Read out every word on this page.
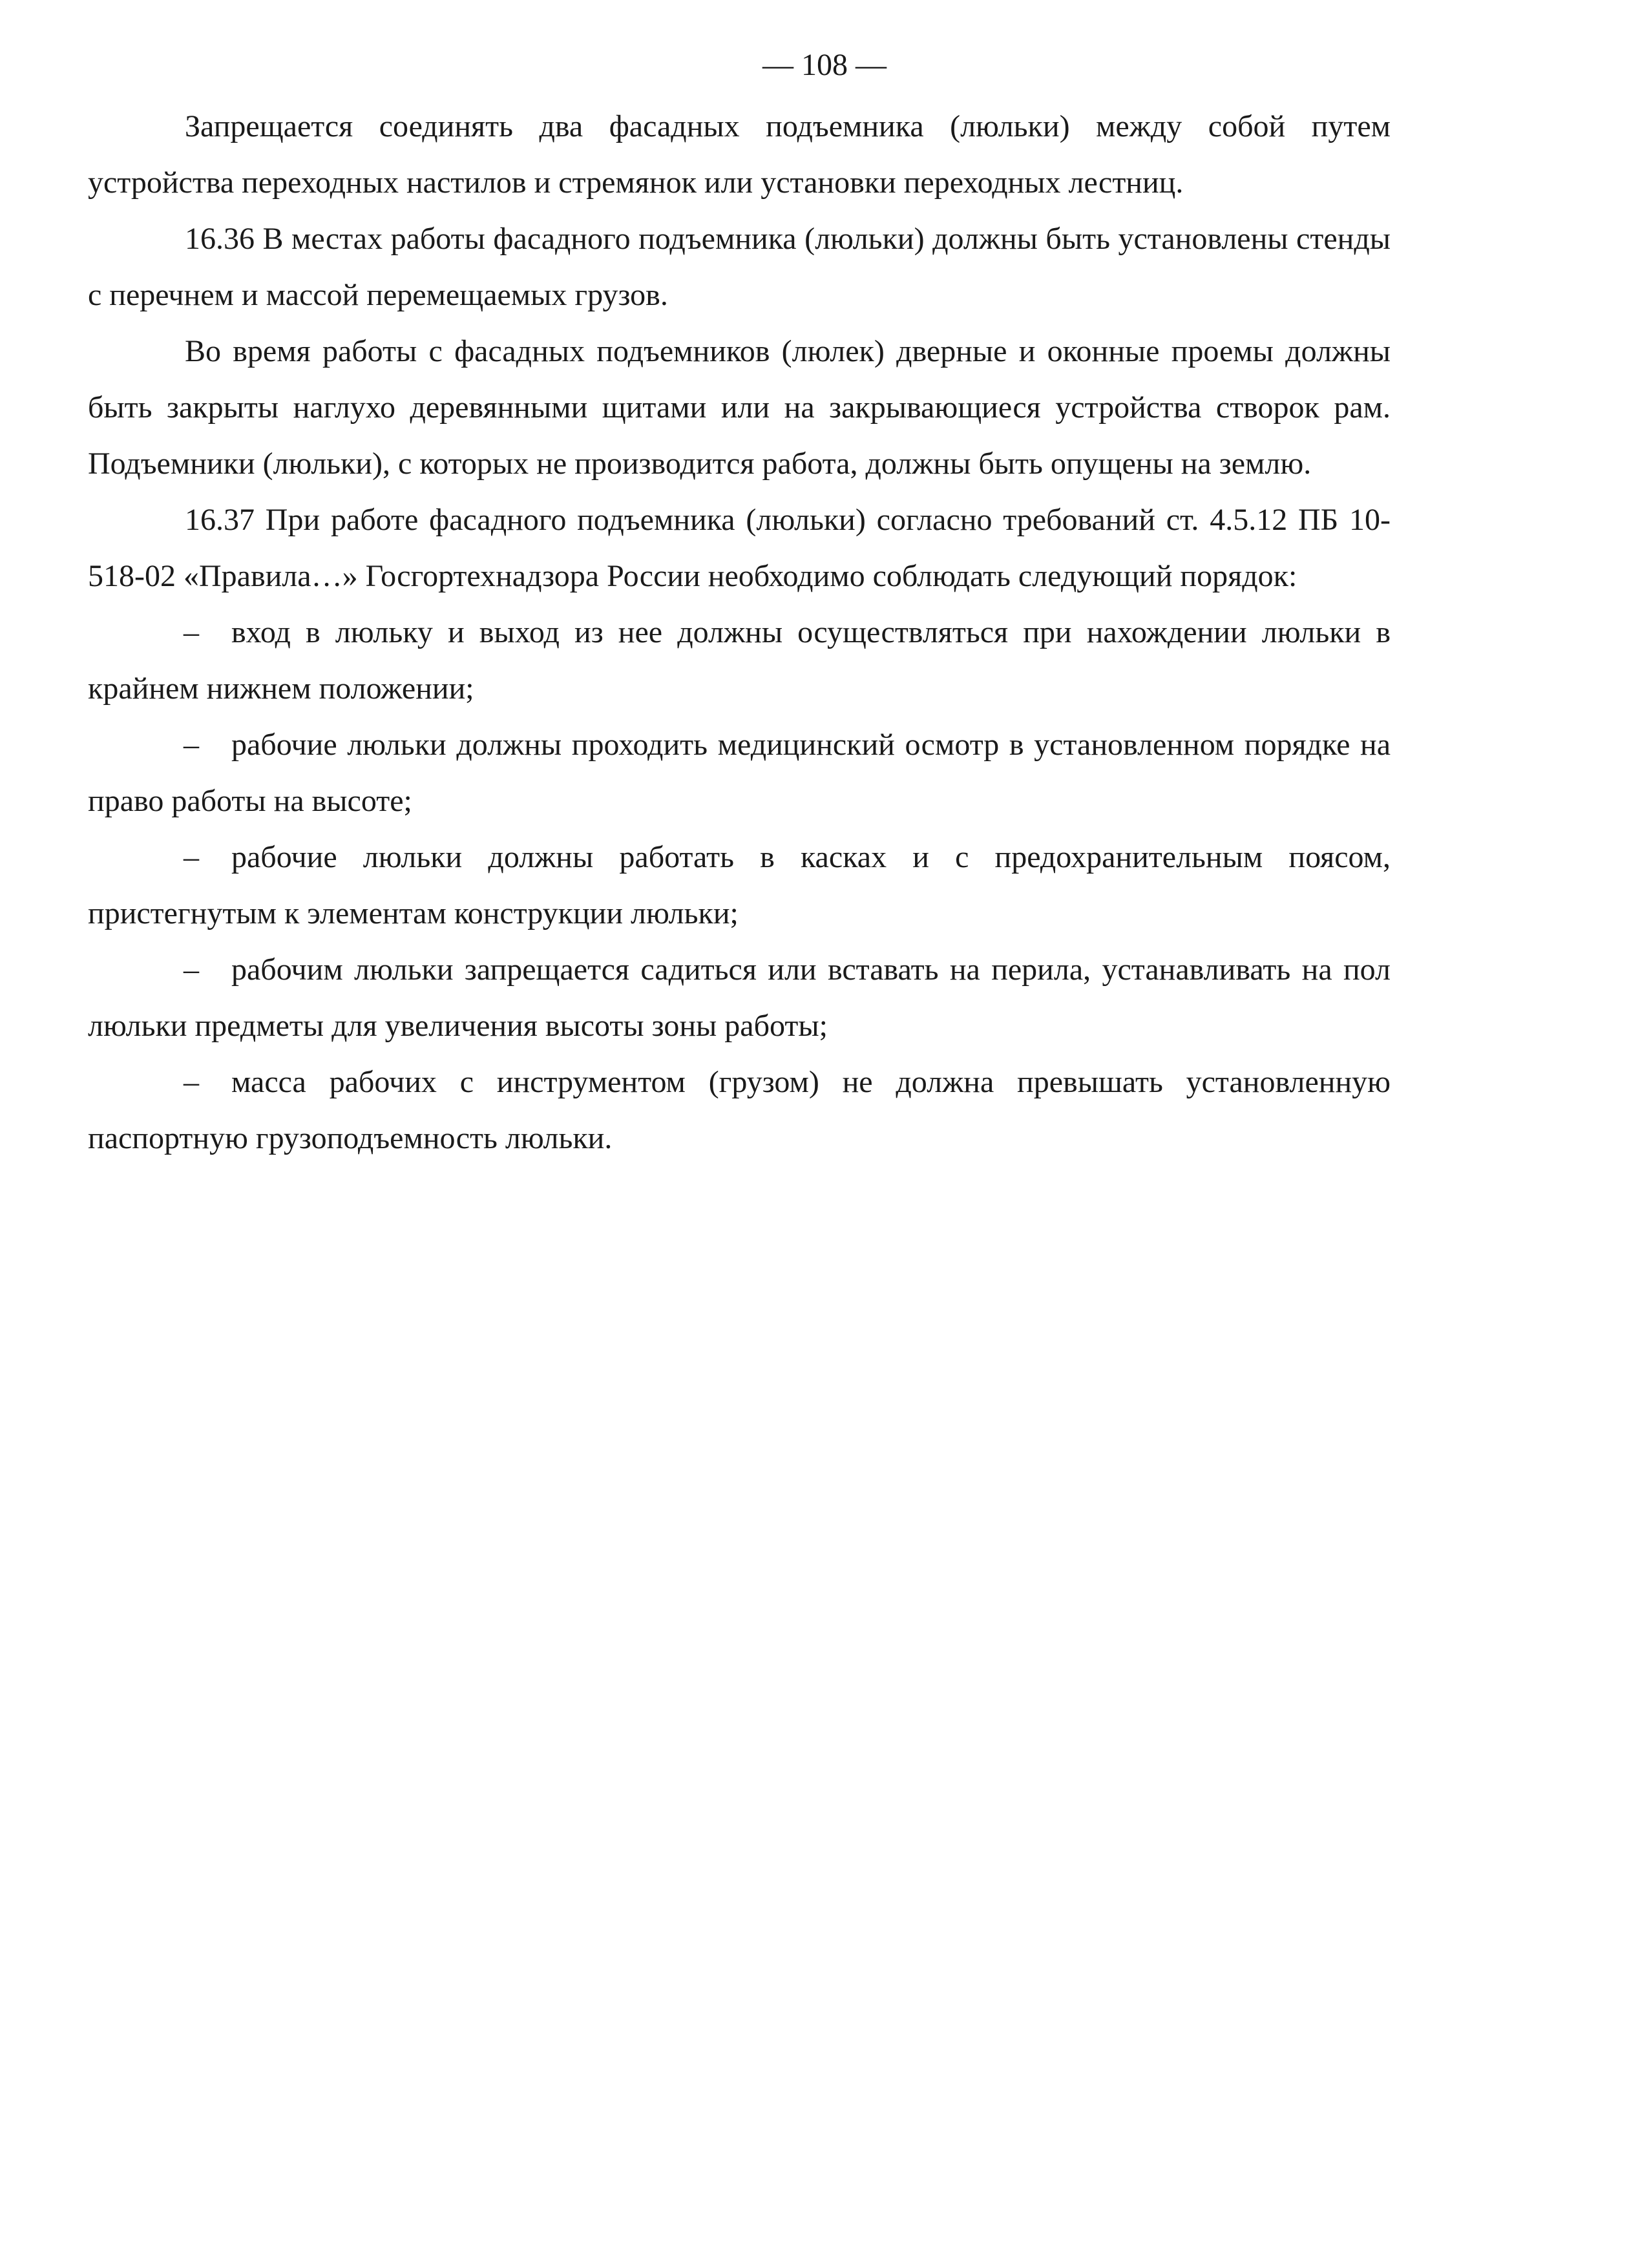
— 108 —

Запрещается соединять два фасадных подъемника (люльки) между собой путем устройства переходных настилов и стремянок или установки переходных лестниц.

16.36 В местах работы фасадного подъемника (люльки) должны быть установлены стенды с перечнем и массой перемещаемых грузов.

Во время работы с фасадных подъемников (люлек) дверные и оконные проемы должны быть закрыты наглухо деревянными щитами или на закрывающиеся устройства створок рам. Подъемники (люльки), с которых не производится работа, должны быть опущены на землю.

16.37 При работе фасадного подъемника (люльки) согласно требований ст. 4.5.12 ПБ 10-518-02 «Правила…» Госгортехнадзора России необходимо соблюдать следующий порядок:

– вход в люльку и выход из нее должны осуществляться при нахождении люльки в крайнем нижнем положении;

– рабочие люльки должны проходить медицинский осмотр в установленном порядке на право работы на высоте;

– рабочие люльки должны работать в касках и с предохранительным поясом, пристегнутым к элементам конструкции люльки;

– рабочим люльки запрещается садиться или вставать на перила, устанавливать на пол люльки предметы для увеличения высоты зоны работы;

– масса рабочих с инструментом (грузом) не должна превышать установленную паспортную грузоподъемность люльки.
